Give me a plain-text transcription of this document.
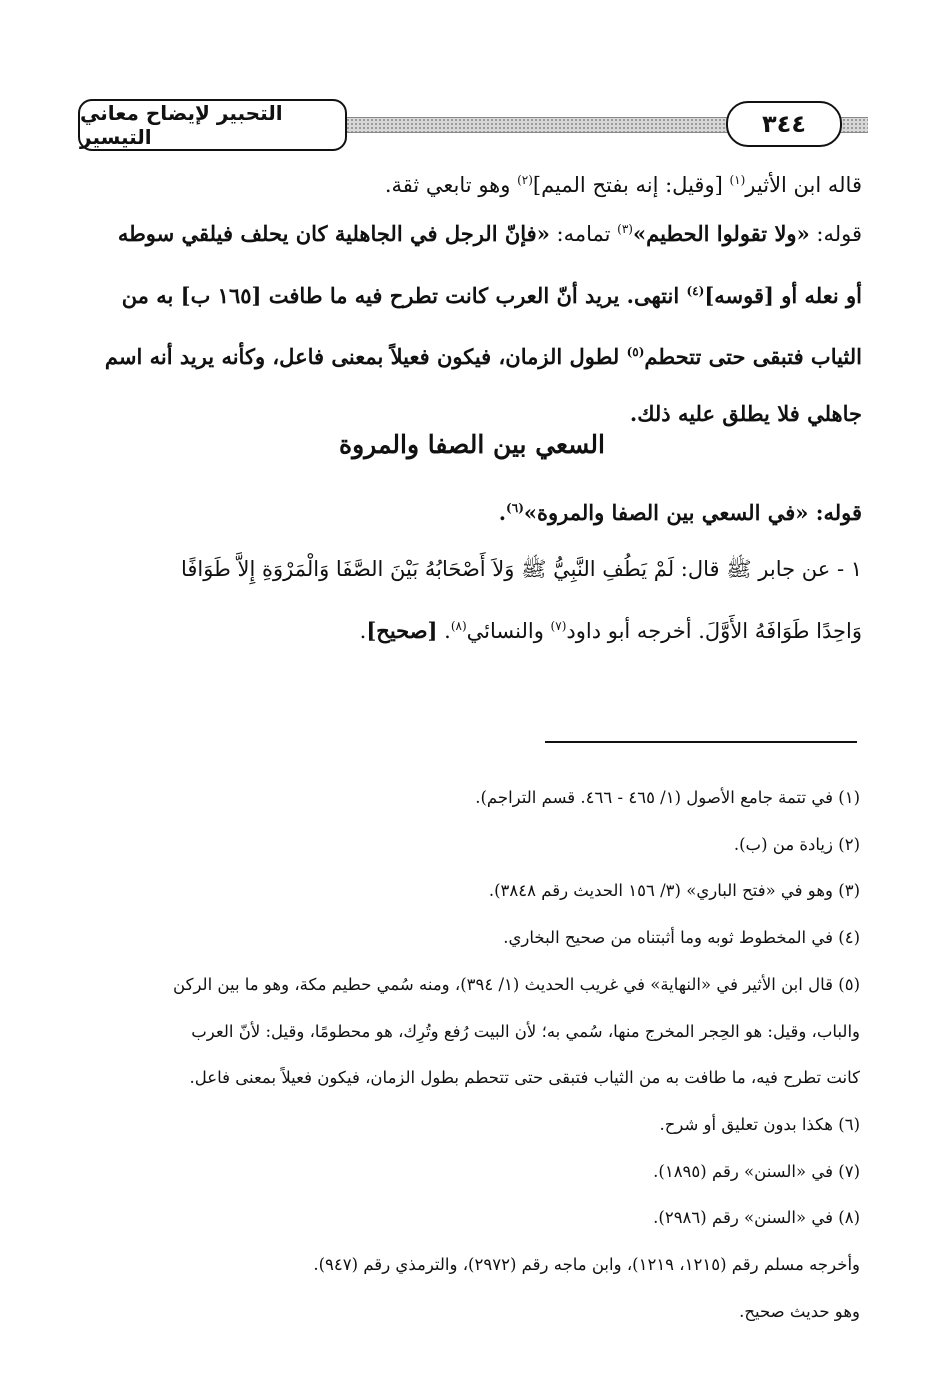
التحبير لإيضاح معاني التيسير	٣٤٤
قاله ابن الأثير$^{(١)}$ [وقيل: إنه بفتح الميم]$^{(٢)}$ وهو تابعي ثقة.
قوله: «ولا تقولوا الحطيم»$^{(٣)}$ تمامه: «فإنّ الرجل في الجاهلية كان يحلف فيلقي سوطه
أو نعله أو [قوسه]$^{(٤)}$ انتهى. يريد أنّ العرب كانت تطرح فيه ما طافت [١٦٥ ب] به من
الثياب فتبقى حتى تتحطم$^{(٥)}$ لطول الزمان، فيكون فعيلاً بمعنى فاعل، وكأنه يريد أنه اسم
جاهلي فلا يطلق عليه ذلك.
السعي بين الصفا والمروة
قوله: «في السعي بين الصفا والمروة»$^{(٦)}$.
١ - عن جابر ﷺ قال: لَمْ يَطُفِ النَّبِيُّ ﷺ وَلاَ أَصْحَابُهُ بَيْنَ الصَّفَا وَالْمَرْوَةِ إِلاَّ طَوَافًا
وَاحِدًا طَوَافَهُ الأَوَّلَ. أخرجه أبو داود$^{(٧)}$ والنسائي$^{(٨)}$. [صحيح].
(١) في تتمة جامع الأصول (١/ ٤٦٥ - ٤٦٦. قسم التراجم).
(٢) زيادة من (ب).
(٣) وهو في «فتح الباري» (٣/ ١٥٦ الحديث رقم ٣٨٤٨).
(٤) في المخطوط ثوبه وما أثبتناه من صحيح البخاري.
(٥) قال ابن الأثير في «النهاية» في غريب الحديث (١/ ٣٩٤)، ومنه سُمي حطيم مكة، وهو ما بين الركن
والباب، وقيل: هو الحِجر المخرج منها، سُمي به؛ لأن البيت رُفع وتُرِك، هو محطومًا، وقيل: لأنّ العرب
كانت تطرح فيه، ما طافت به من الثياب فتبقى حتى تتحطم بطول الزمان، فيكون فعيلاً بمعنى فاعل.
(٦) هكذا بدون تعليق أو شرح.
(٧) في «السنن» رقم (١٨٩٥).
(٨) في «السنن» رقم (٢٩٨٦).
وأخرجه مسلم رقم (١٢١٥، ١٢١٩)، وابن ماجه رقم (٢٩٧٢)، والترمذي رقم (٩٤٧).
وهو حديث صحيح.
